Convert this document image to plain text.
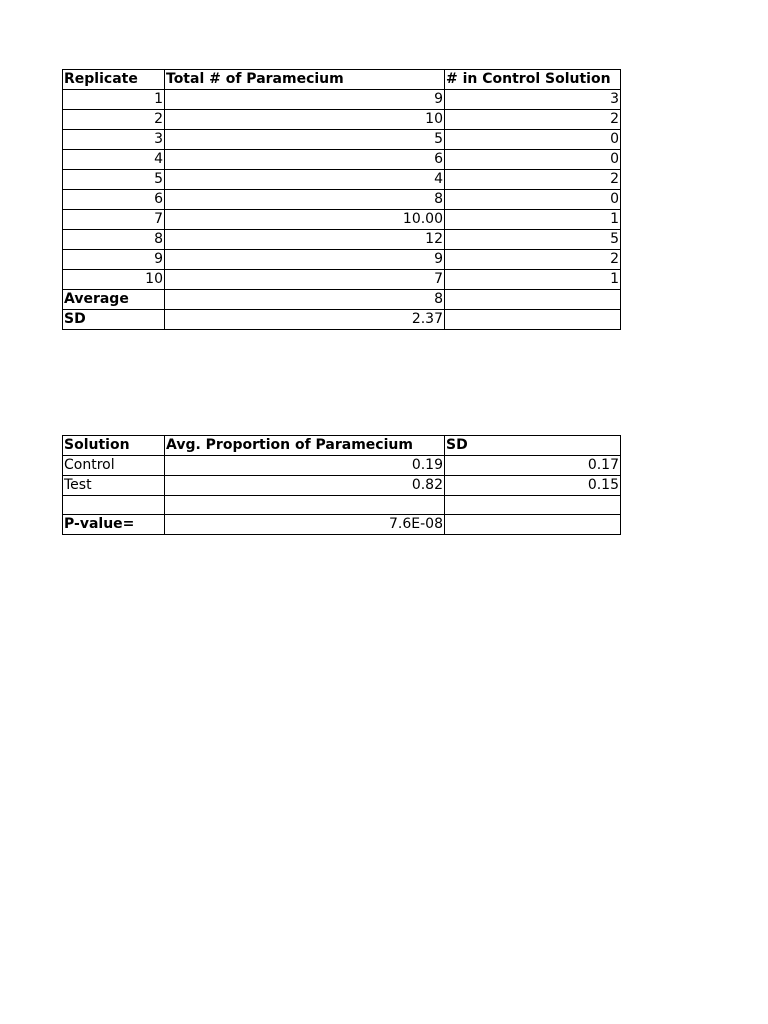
Replicate	Total # of Paramecium	# in Control Solution
1	9	3
2	10	2
3	5	0
4	6	0
5	4	2
6	8	0
7	10.00	1
8	12	5
9	9	2
10	7	1
Average	8	
SD	2.37	
Solution	Avg. Proportion of Paramecium	SD
Control	0.19	0.17
Test	0.82	0.15

P-value=	7.6E-08	
